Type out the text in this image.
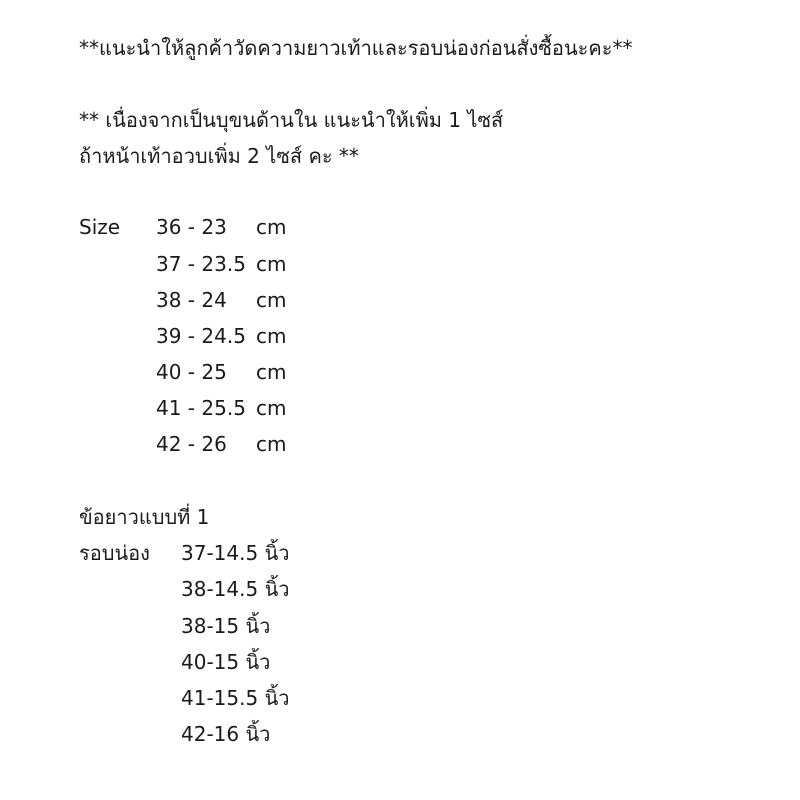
**แนะนำให้ลูกค้าวัดความยาวเท้าและรอบน่องก่อนสั่งซื้อนะคะ**
** เนื่องจากเป็นบุขนด้านใน แนะนำให้เพิ่ม 1 ไซส์
ถ้าหน้าเท้าอวบเพิ่ม 2 ไซส์ คะ **
Size 36 - 23 cm
37 - 23.5 cm
38 - 24 cm
39 - 24.5 cm
40 - 25 cm
41 - 25.5 cm
42 - 26 cm
ข้อยาวแบบที่ 1
รอบน่อง 37-14.5 นิ้ว
38-14.5 นิ้ว
38-15 นิ้ว
40-15 นิ้ว
41-15.5 นิ้ว
42-16 นิ้ว
